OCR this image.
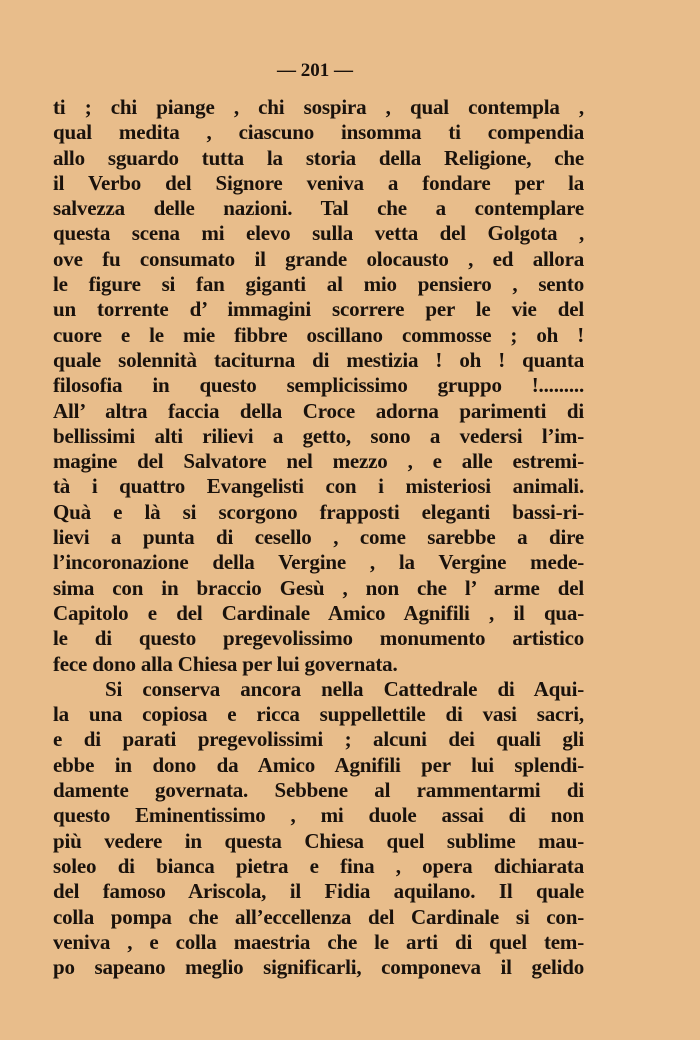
— 201 —
ti ; chi piange , chi sospira , qual contempla ,
qual medita , ciascuno insomma ti compendia
allo sguardo tutta la storia della Religione, che
il Verbo del Signore veniva a fondare per la
salvezza delle nazioni. Tal che a contemplare
questa scena mi elevo sulla vetta del Golgota ,
ove fu consumato il grande olocausto , ed allora
le figure si fan giganti al mio pensiero , sento
un torrente d’ immagini scorrere per le vie del
cuore e le mie fibbre oscillano commosse ; oh !
quale solennità taciturna di mestizia ! oh ! quanta
filosofia in questo semplicissimo gruppo !.........
All’ altra faccia della Croce adorna parimenti di
bellissimi alti rilievi a getto, sono a vedersi l’im-
magine del Salvatore nel mezzo , e alle estremi-
tà i quattro Evangelisti con i misteriosi animali.
Quà e là si scorgono frapposti eleganti bassi-ri-
lievi a punta di cesello , come sarebbe a dire
l’incoronazione della Vergine , la Vergine mede-
sima con in braccio Gesù , non che l’ arme del
Capitolo e del Cardinale Amico Agnifili , il qua-
le di questo pregevolissimo monumento artistico
fece dono alla Chiesa per lui governata.
Si conserva ancora nella Cattedrale di Aqui-
la una copiosa e ricca suppellettile di vasi sacri,
e di parati pregevolissimi ; alcuni dei quali gli
ebbe in dono da Amico Agnifili per lui splendi-
damente governata. Sebbene al rammentarmi di
questo Eminentissimo , mi duole assai di non
più vedere in questa Chiesa quel sublime mau-
soleo di bianca pietra e fina , opera dichiarata
del famoso Ariscola, il Fidia aquilano. Il quale
colla pompa che all’eccellenza del Cardinale si con-
veniva , e colla maestria che le arti di quel tem-
po sapeano meglio significarli, componeva il gelido
